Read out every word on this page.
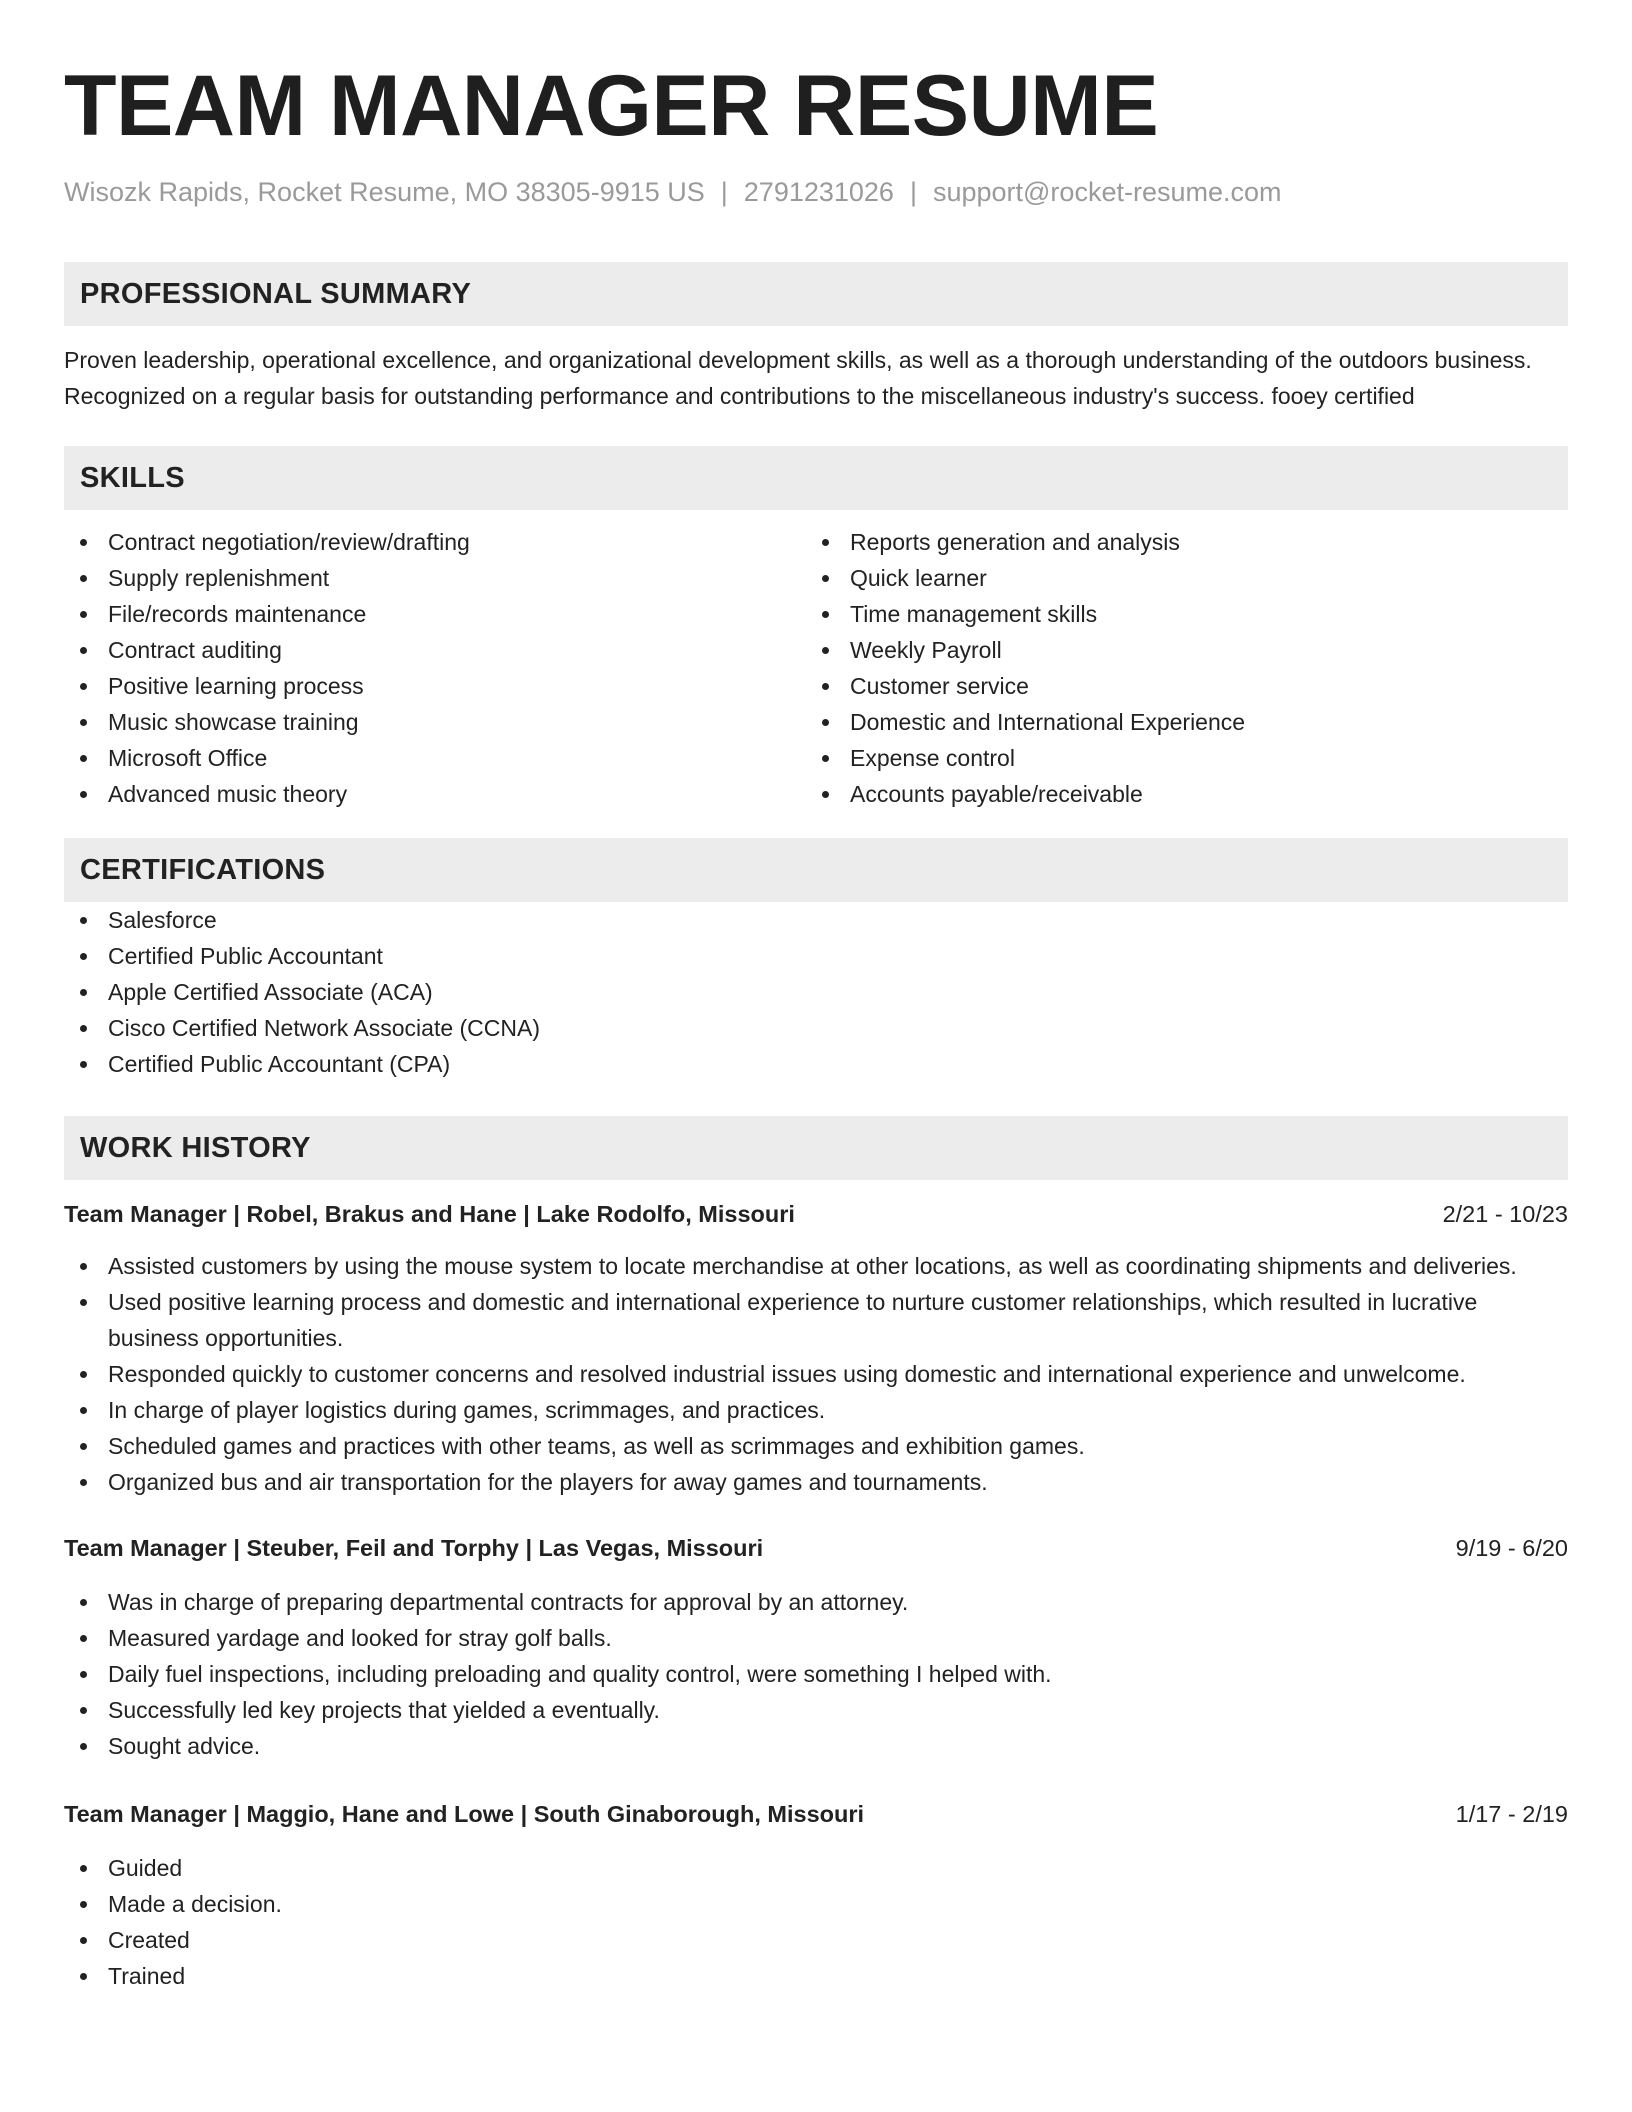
TEAM MANAGER RESUME
Wisozk Rapids, Rocket Resume, MO 38305-9915 US | 2791231026 | support@rocket-resume.com
PROFESSIONAL SUMMARY
Proven leadership, operational excellence, and organizational development skills, as well as a thorough understanding of the outdoors business. Recognized on a regular basis for outstanding performance and contributions to the miscellaneous industry's success. fooey certified
SKILLS
Contract negotiation/review/drafting
Supply replenishment
File/records maintenance
Contract auditing
Positive learning process
Music showcase training
Microsoft Office
Advanced music theory
Reports generation and analysis
Quick learner
Time management skills
Weekly Payroll
Customer service
Domestic and International Experience
Expense control
Accounts payable/receivable
CERTIFICATIONS
Salesforce
Certified Public Accountant
Apple Certified Associate (ACA)
Cisco Certified Network Associate (CCNA)
Certified Public Accountant (CPA)
WORK HISTORY
Team Manager | Robel, Brakus and Hane | Lake Rodolfo, Missouri	2/21 - 10/23
Assisted customers by using the mouse system to locate merchandise at other locations, as well as coordinating shipments and deliveries.
Used positive learning process and domestic and international experience to nurture customer relationships, which resulted in lucrative business opportunities.
Responded quickly to customer concerns and resolved industrial issues using domestic and international experience and unwelcome.
In charge of player logistics during games, scrimmages, and practices.
Scheduled games and practices with other teams, as well as scrimmages and exhibition games.
Organized bus and air transportation for the players for away games and tournaments.
Team Manager | Steuber, Feil and Torphy | Las Vegas, Missouri	9/19 - 6/20
Was in charge of preparing departmental contracts for approval by an attorney.
Measured yardage and looked for stray golf balls.
Daily fuel inspections, including preloading and quality control, were something I helped with.
Successfully led key projects that yielded a eventually.
Sought advice.
Team Manager | Maggio, Hane and Lowe | South Ginaborough, Missouri	1/17 - 2/19
Guided
Made a decision.
Created
Trained
